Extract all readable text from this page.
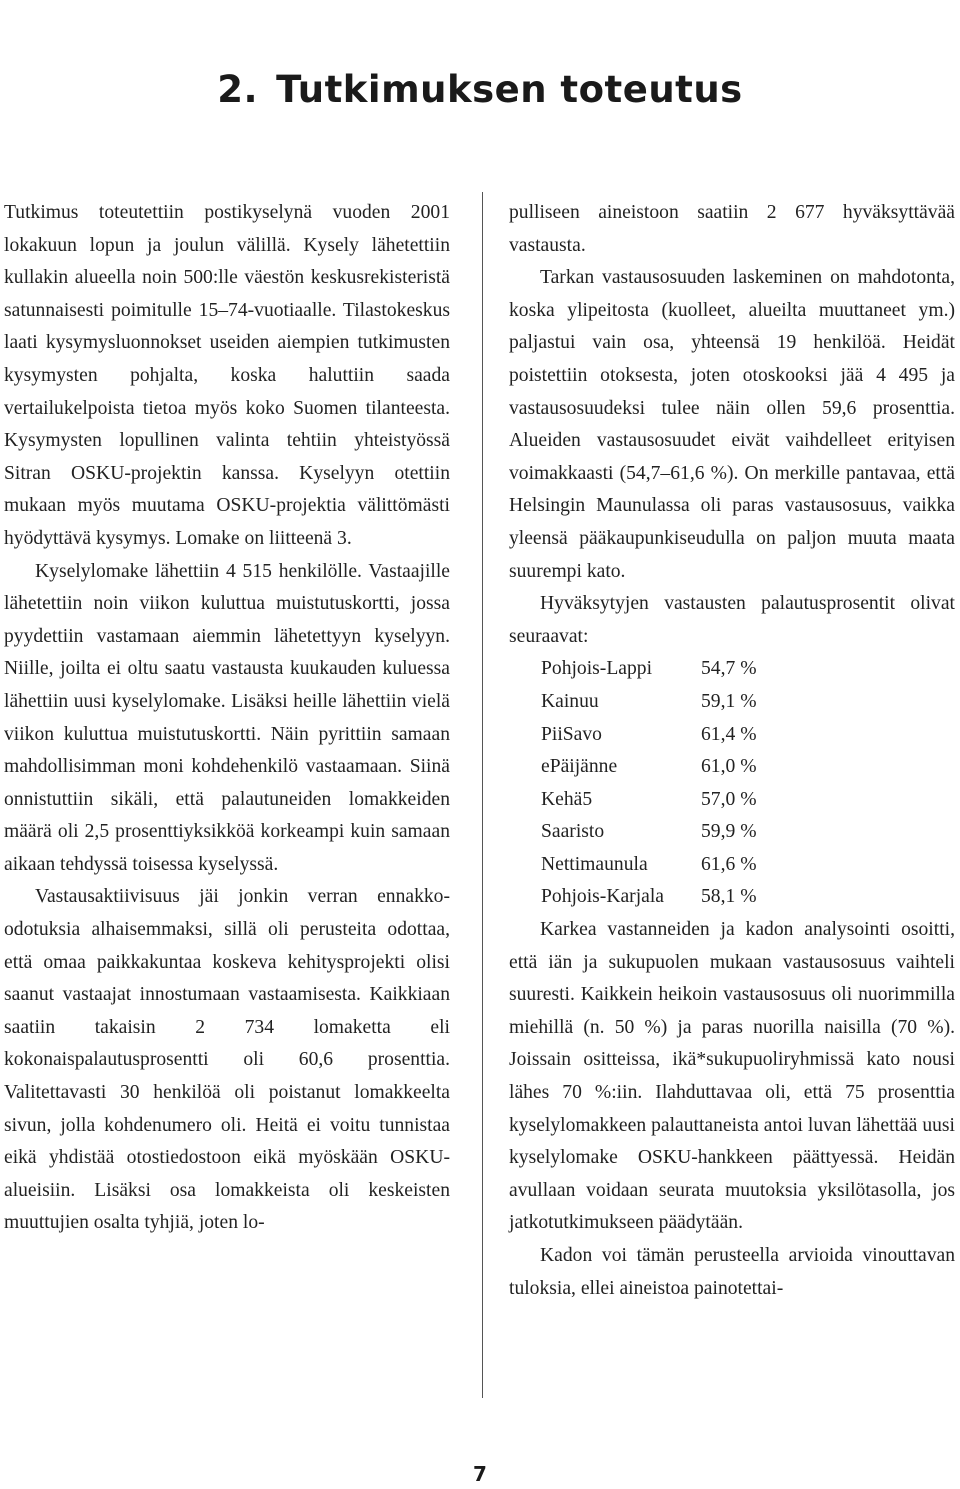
2. Tutkimuksen toteutus

Tutkimus toteutettiin postikyselynä vuoden 2001 lokakuun lopun ja joulun välillä. Kysely lähetettiin kullakin alueella noin 500:lle väestön keskusrekisteristä satunnaisesti poimitulle 15–74-vuotiaalle. Tilastokeskus laati kysymysluonnokset useiden aiempien tutkimusten kysymysten pohjalta, koska haluttiin saada vertailukelpoista tietoa myös koko Suomen tilanteesta. Kysymysten lopullinen valinta tehtiin yhteistyössä Sitran OSKU-projektin kanssa. Kyselyyn otettiin mukaan myös muutama OSKU-projektia välittömästi hyödyttävä kysymys. Lomake on liitteenä 3.

Kyselylomake lähettiin 4 515 henkilölle. Vastaajille lähetettiin noin viikon kuluttua muistutuskortti, jossa pyydettiin vastamaan aiemmin lähetettyyn kyselyyn. Niille, joilta ei oltu saatu vastausta kuukauden kuluessa lähettiin uusi kyselylomake. Lisäksi heille lähettiin vielä viikon kuluttua muistutuskortti. Näin pyrittiin samaan mahdollisimman moni kohdehenkilö vastaamaan. Siinä onnistuttiin sikäli, että palautuneiden lomakkeiden määrä oli 2,5 prosenttiyksikköä korkeampi kuin samaan aikaan tehdyssä toisessa kyselyssä.

Vastausaktiivisuus jäi jonkin verran ennakko-odotuksia alhaisemmaksi, sillä oli perusteita odottaa, että omaa paikkakuntaa koskeva kehitysprojekti olisi saanut vastaajat innostumaan vastaamisesta. Kaikkiaan saatiin takaisin 2 734 lomaketta eli kokonaispalautusprosentti oli 60,6 prosenttia. Valitettavasti 30 henkilöä oli poistanut lomakkeelta sivun, jolla kohdenumero oli. Heitä ei voitu tunnistaa eikä yhdistää otostiedostoon eikä myöskään OSKU-alueisiin. Lisäksi osa lomakkeista oli keskeisten muuttujien osalta tyhjiä, joten lo-

pulliseen aineistoon saatiin 2 677 hyväksyttävää vastausta.

Tarkan vastausosuuden laskeminen on mahdotonta, koska ylipeitosta (kuolleet, alueilta muuttaneet ym.) paljastui vain osa, yhteensä 19 henkilöä. Heidät poistettiin otoksesta, joten otoskooksi jää 4 495 ja vastausosuudeksi tulee näin ollen 59,6 prosenttia. Alueiden vastausosuudet eivät vaihdelleet erityisen voimakkaasti (54,7–61,6 %). On merkille pantavaa, että Helsingin Maunulassa oli paras vastausosuus, vaikka yleensä pääkaupunkiseudulla on paljon muuta maata suurempi kato.

Hyväksytyjen vastausten palautusprosentit olivat seuraavat:

Pohjois-Lappi	54,7 %
Kainuu	59,1 %
PiiSavo	61,4 %
ePäijänne	61,0 %
Kehä5	57,0 %
Saaristo	59,9 %
Nettimaunula	61,6 %
Pohjois-Karjala	58,1 %

Karkea vastanneiden ja kadon analysointi osoitti, että iän ja sukupuolen mukaan vastausosuus vaihteli suuresti. Kaikkein heikoin vastausosuus oli nuorimmilla miehillä (n. 50 %) ja paras nuorilla naisilla (70 %). Joissain ositteissa, ikä*sukupuoliryhmissä kato nousi lähes 70 %:iin. Ilahduttavaa oli, että 75 prosenttia kyselylomakkeen palauttaneista antoi luvan lähettää uusi kyselylomake OSKU-hankkeen päättyessä. Heidän avullaan voidaan seurata muutoksia yksilötasolla, jos jatkotutkimukseen päädytään.

Kadon voi tämän perusteella arvioida vinouttavan tuloksia, ellei aineistoa painotettai-

7
